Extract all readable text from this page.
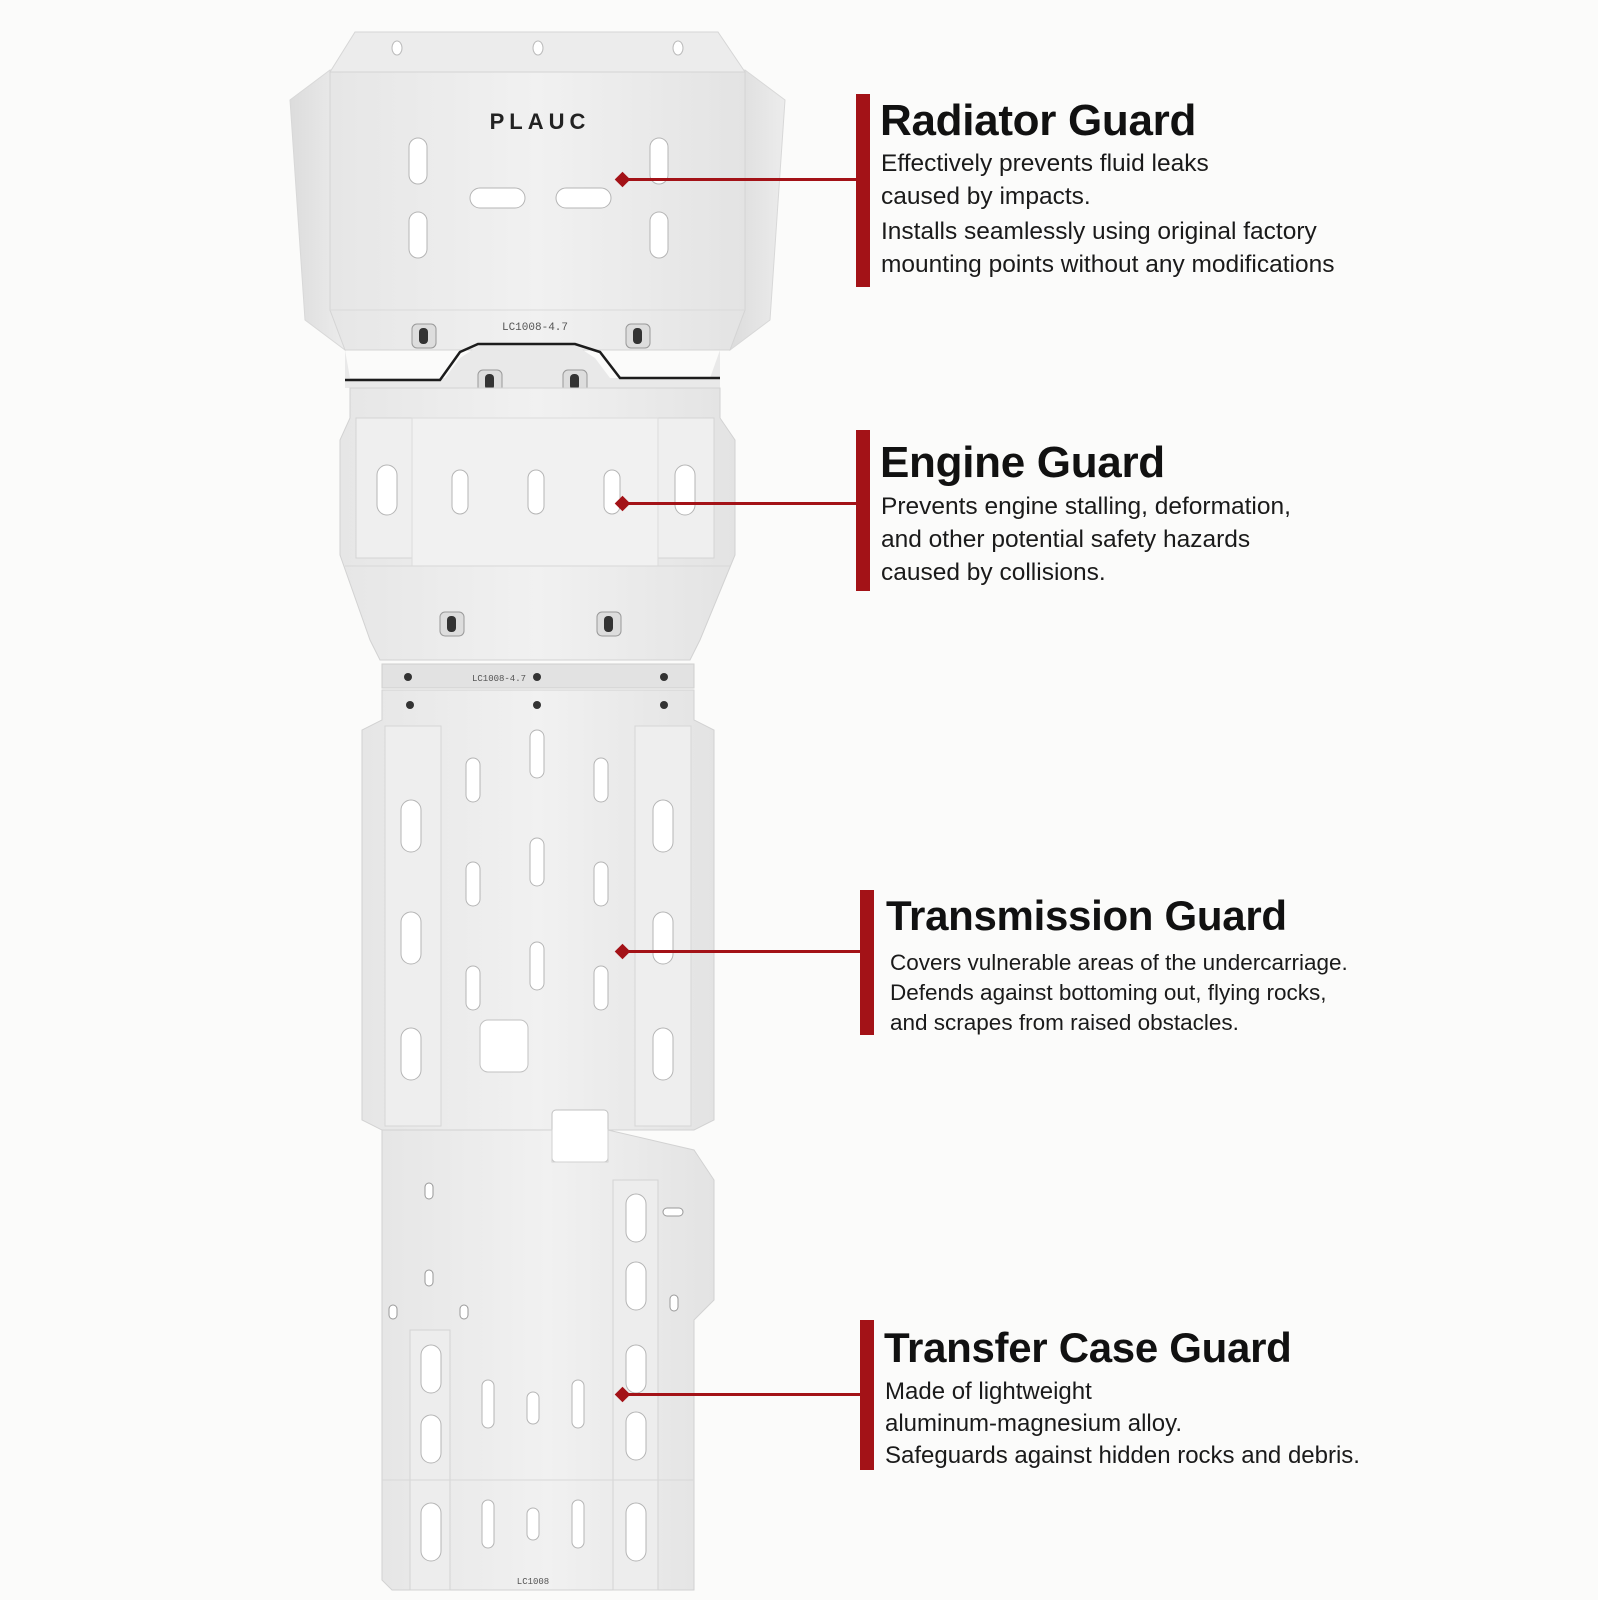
PLAUC
LC1008-4.7
LC1008-4.7
LC1008
Radiator Guard
Effectively prevents fluid leaks
caused by impacts.
Installs seamlessly using original factory
mounting points without any modifications
Engine Guard
Prevents engine stalling, deformation,
and other potential safety hazards
caused by collisions.
Transmission Guard
Covers vulnerable areas of the undercarriage.
Defends against bottoming out, flying rocks,
and scrapes from raised obstacles.
Transfer Case Guard
Made of lightweight
aluminum-magnesium alloy.
Safeguards against hidden rocks and debris.
